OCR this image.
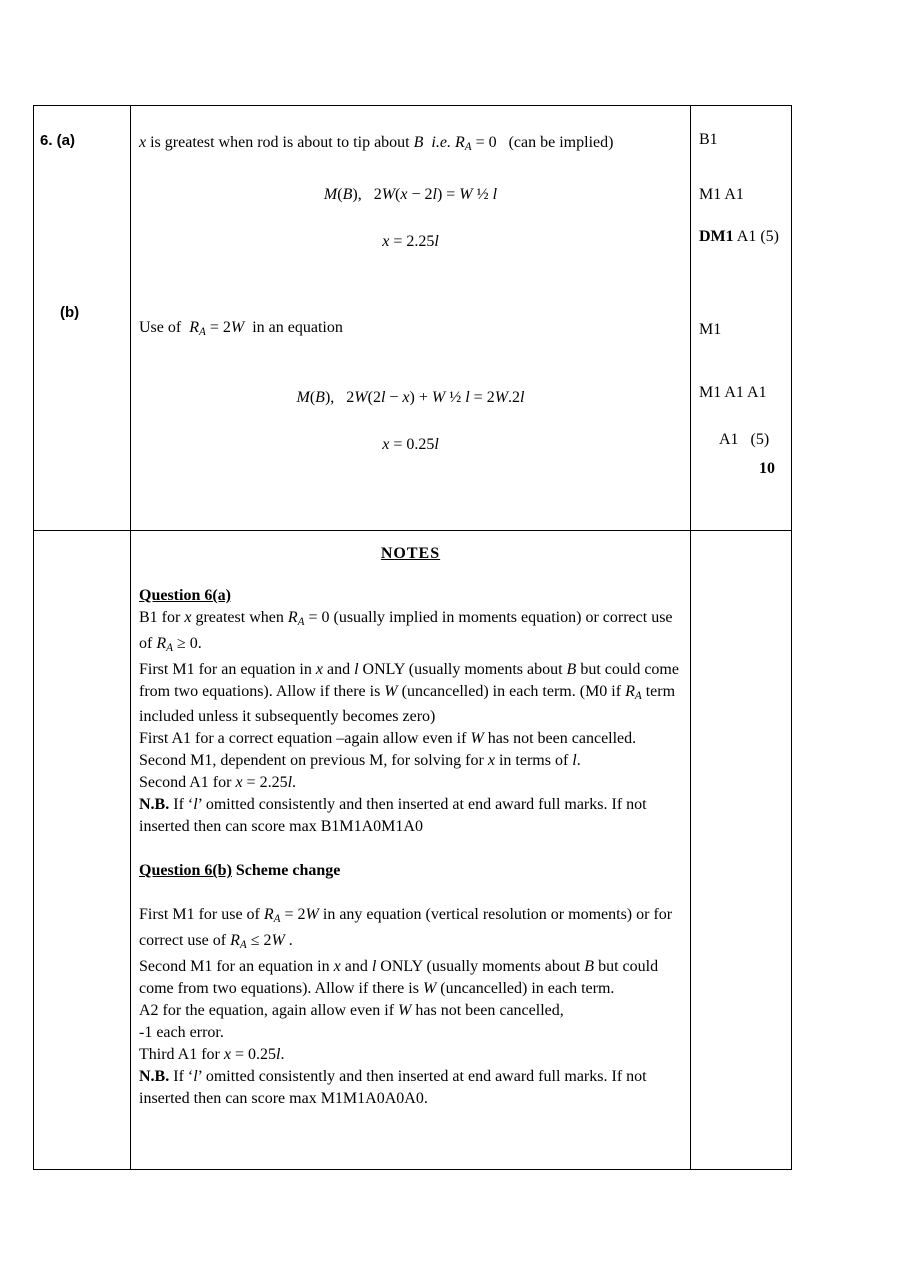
6. (a)
(b)
x is greatest when rod is about to tip about B i.e. RA = 0   (can be implied)
M(B),   2W(x − 2l) = W ½ l
x = 2.25l
Use of  RA = 2W  in an equation
M(B),   2W(2l − x) + W ½ l = 2W.2l
x = 0.25l
B1
M1 A1
DM1 A1 (5)
M1
M1 A1 A1
A1   (5)
10
NOTES
Question 6(a)
B1 for x greatest when RA = 0 (usually implied in moments equation) or correct use of RA ≥ 0.
First M1 for an equation in x and l ONLY (usually moments about B but could come from two equations). Allow if there is W (uncancelled) in each term. (M0 if RA term included unless it subsequently becomes zero)
First A1 for a correct equation –again allow even if W has not been cancelled.
Second M1, dependent on previous M, for solving for x in terms of l.
Second A1 for x = 2.25l.
N.B. If ‘l’ omitted consistently and then inserted at end award full marks. If not inserted then can score max B1M1A0M1A0
Question 6(b) Scheme change
First M1 for use of RA = 2W in any equation (vertical resolution or moments) or for correct use of RA ≤ 2W .
Second M1 for an equation in x and l ONLY (usually moments about B but could come from two equations). Allow if there is W (uncancelled) in each term.
A2 for the equation, again allow even if W has not been cancelled,
-1 each error.
Third A1 for x = 0.25l.
N.B. If ‘l’ omitted consistently and then inserted at end award full marks. If not inserted then can score max M1M1A0A0A0.
